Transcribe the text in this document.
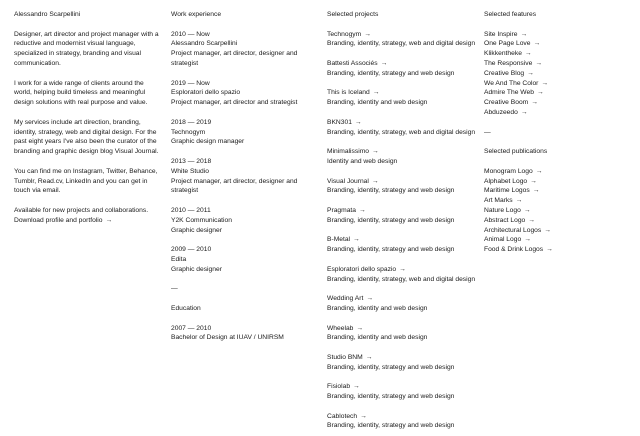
Alessandro Scarpellini
Designer, art director and project manager with a reductive and modernist visual language, specialized in strategy, branding and visual communication.
I work for a wide range of clients around the world, helping build timeless and meaningful design solutions with real purpose and value.
My services include art direction, branding, identity, strategy, web and digital design. For the past eight years I've also been the curator of the branding and graphic design blog Visual Journal.
You can find me on Instagram, Twitter, Behance, Tumblr, Read.cv, LinkedIn and you can get in touch via email.
Available for new projects and collaborations.
Download profile and portfolio →
Work experience
2010 — Now
Alessandro Scarpellini
Project manager, art director, designer and strategist
2019 — Now
Esploratori dello spazio
Project manager, art director and strategist
2018 — 2019
Technogym
Graphic design manager
2013 — 2018
White Studio
Project manager, art director, designer and strategist
2010 — 2011
Y2K Communication
Graphic designer
2009 — 2010
Edita
Graphic designer
—
Education
2007 — 2010
Bachelor of Design at IUAV / UNIRSM
Selected projects
Technogym →
Branding, identity, strategy, web and digital design
Battesti Associés →
Branding, identity, strategy and web design
This is Iceland →
Branding, identity and web design
BKN301 →
Branding, identity, strategy, web and digital design
Minimalissimo →
Identity and web design
Visual Journal →
Branding, identity, strategy and web design
Pragmata →
Branding, identity, strategy and web design
B-Metal →
Branding, identity, strategy and web design
Esploratori dello spazio →
Branding, identity, strategy, web and digital design
Wedding Art →
Branding, identity and web design
Wheelab →
Branding, identity and web design
Studio BNM →
Branding, identity, strategy and web design
Fisiolab →
Branding, identity, strategy and web design
Cablotech →
Branding, identity, strategy and web design
Selected features
Site Inspire →
One Page Love →
Klikkentheke →
The Responsive →
Creative Blog →
We And The Color →
Admire The Web →
Creative Boom →
Abduzeedo →
—
Selected publications
Monogram Logo →
Alphabet Logo →
Maritime Logos →
Art Marks →
Nature Logo →
Abstract Logo →
Architectural Logos →
Animal Logo →
Food & Drink Logos →
